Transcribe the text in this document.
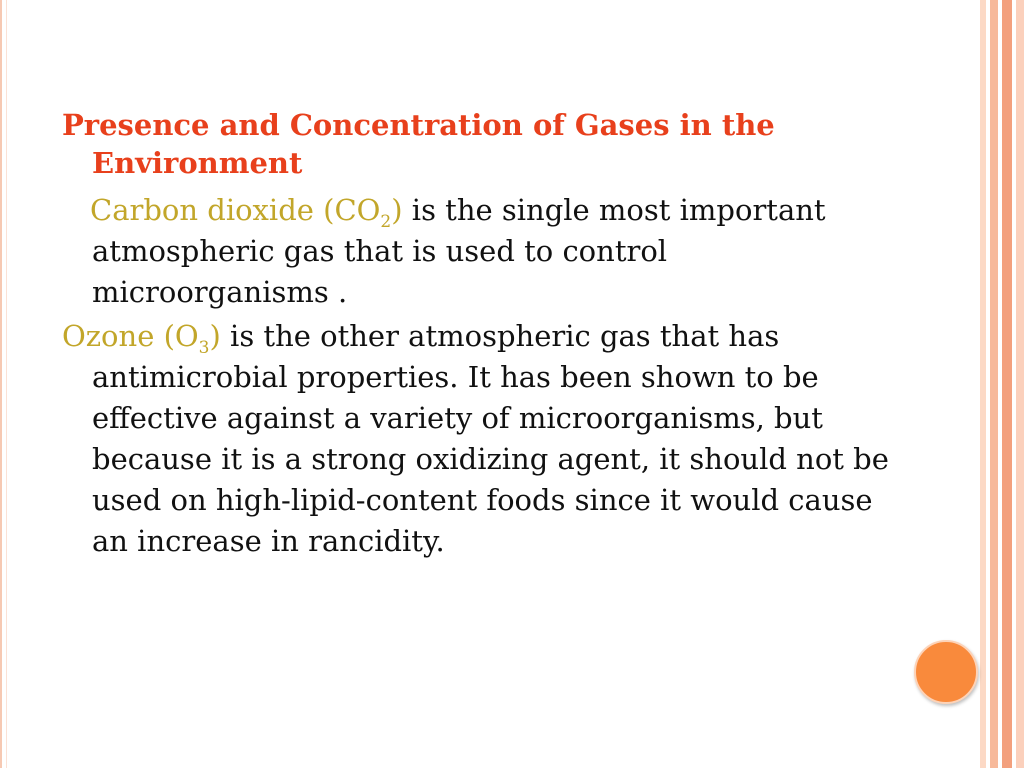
Presence and Concentration of Gases in the Environment

Carbon dioxide $(CO_2)$ is the single most important atmospheric gas that is used to control microorganisms .

Ozone $(O_3)$ is the other atmospheric gas that has antimicrobial properties. It has been shown to be effective against a variety of microorganisms, but because it is a strong oxidizing agent, it should not be used on high-lipid-content foods since it would cause an increase in rancidity.
